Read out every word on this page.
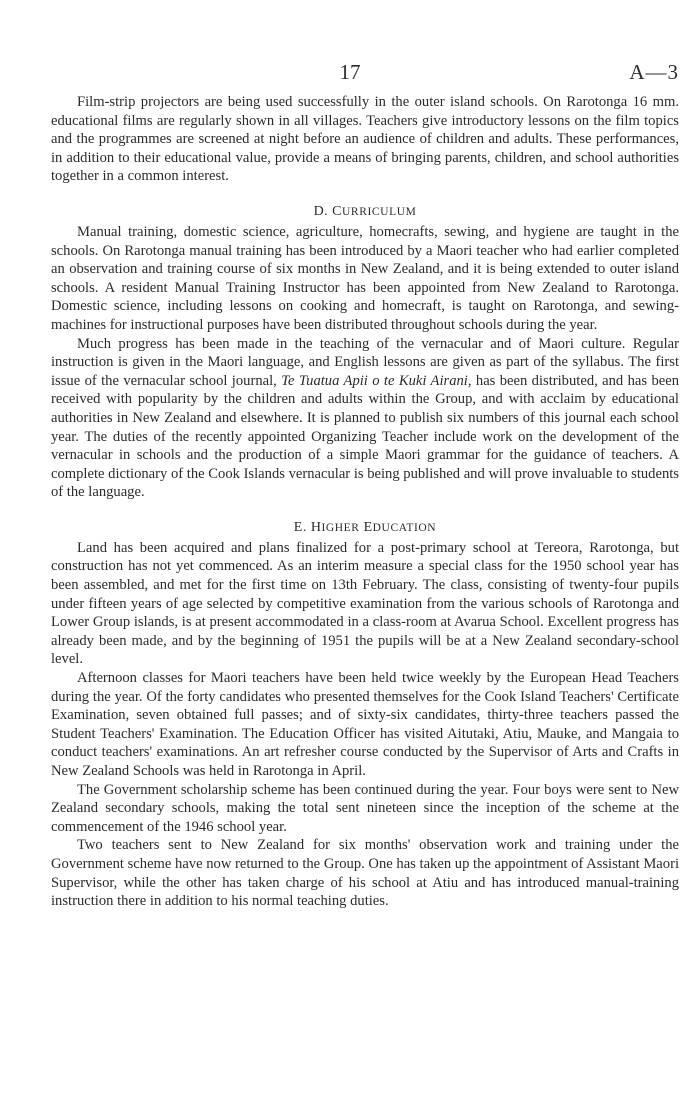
17	A—3

Film-strip projectors are being used successfully in the outer island schools. On Rarotonga 16 mm. educational films are regularly shown in all villages. Teachers give introductory lessons on the film topics and the programmes are screened at night before an audience of children and adults. These performances, in addition to their educational value, provide a means of bringing parents, children, and school authorities together in a common interest.

D. CURRICULUM

Manual training, domestic science, agriculture, homecrafts, sewing, and hygiene are taught in the schools. On Rarotonga manual training has been introduced by a Maori teacher who had earlier completed an observation and training course of six months in New Zealand, and it is being extended to outer island schools. A resident Manual Training Instructor has been appointed from New Zealand to Rarotonga. Domestic science, including lessons on cooking and homecraft, is taught on Rarotonga, and sewing-machines for instructional purposes have been distributed throughout schools during the year.

Much progress has been made in the teaching of the vernacular and of Maori culture. Regular instruction is given in the Maori language, and English lessons are given as part of the syllabus. The first issue of the vernacular school journal, Te Tuatua Apii o te Kuki Airani, has been distributed, and has been received with popularity by the children and adults within the Group, and with acclaim by educational authorities in New Zealand and elsewhere. It is planned to publish six numbers of this journal each school year. The duties of the recently appointed Organizing Teacher include work on the development of the vernacular in schools and the production of a simple Maori grammar for the guidance of teachers. A complete dictionary of the Cook Islands vernacular is being published and will prove invaluable to students of the language.

E. HIGHER EDUCATION

Land has been acquired and plans finalized for a post-primary school at Tereora, Rarotonga, but construction has not yet commenced. As an interim measure a special class for the 1950 school year has been assembled, and met for the first time on 13th February. The class, consisting of twenty-four pupils under fifteen years of age selected by competitive examination from the various schools of Rarotonga and Lower Group islands, is at present accommodated in a class-room at Avarua School. Excellent progress has already been made, and by the beginning of 1951 the pupils will be at a New Zealand secondary-school level.

Afternoon classes for Maori teachers have been held twice weekly by the European Head Teachers during the year. Of the forty candidates who presented themselves for the Cook Island Teachers' Certificate Examination, seven obtained full passes; and of sixty-six candidates, thirty-three teachers passed the Student Teachers' Examination. The Education Officer has visited Aitutaki, Atiu, Mauke, and Mangaia to conduct teachers' examinations. An art refresher course conducted by the Supervisor of Arts and Crafts in New Zealand Schools was held in Rarotonga in April.

The Government scholarship scheme has been continued during the year. Four boys were sent to New Zealand secondary schools, making the total sent nineteen since the inception of the scheme at the commencement of the 1946 school year.

Two teachers sent to New Zealand for six months' observation work and training under the Government scheme have now returned to the Group. One has taken up the appointment of Assistant Maori Supervisor, while the other has taken charge of his school at Atiu and has introduced manual-training instruction there in addition to his normal teaching duties.
